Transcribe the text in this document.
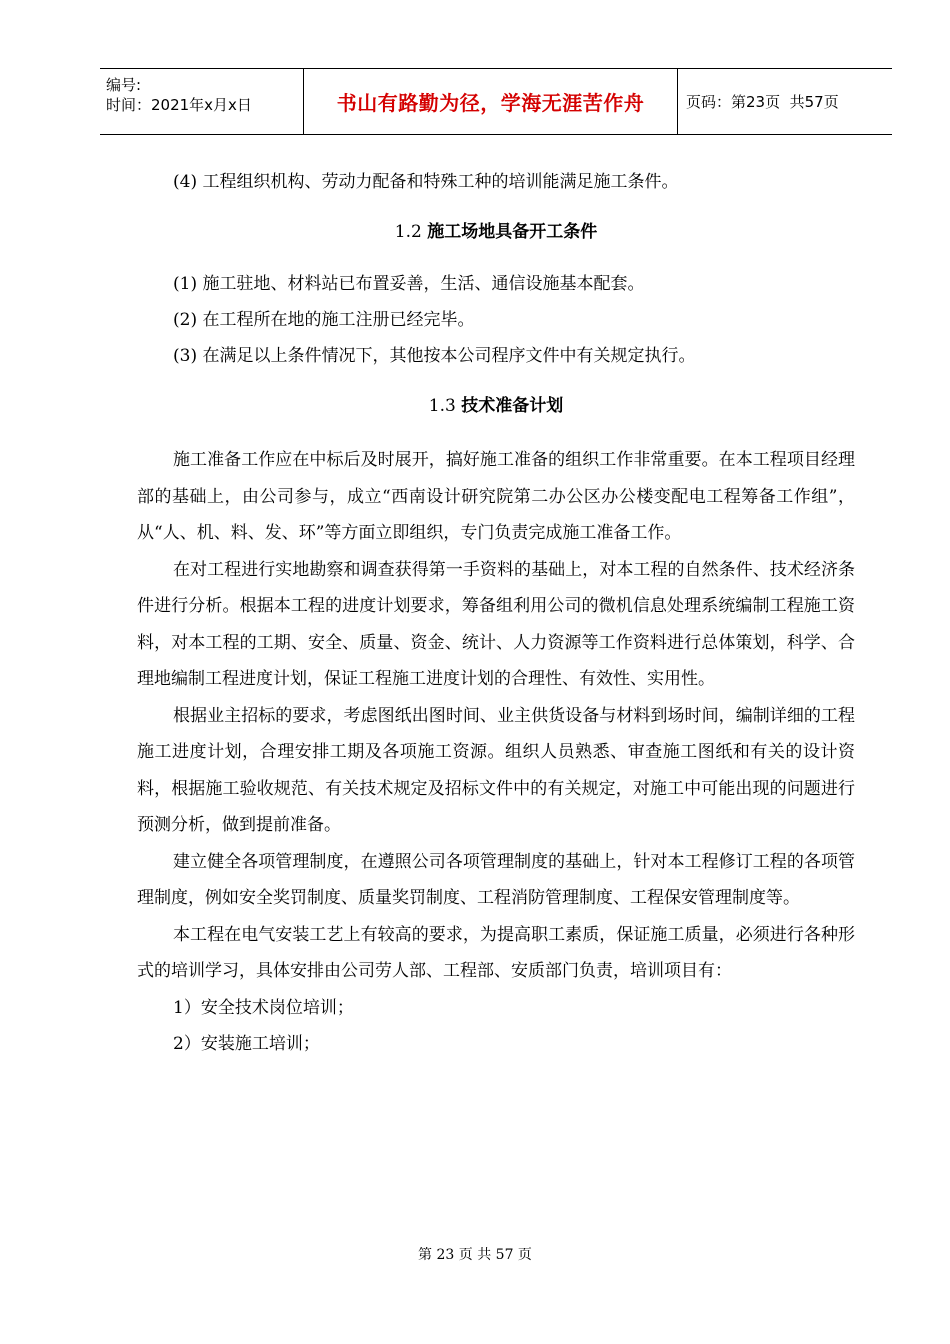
编号:
时间：2021年x月x日	书山有路勤为径，学海无涯苦作舟	页码：第23页  共57页

(4) 工程组织机构、劳动力配备和特殊工种的培训能满足施工条件。

1.2 施工场地具备开工条件

(1) 施工驻地、材料站已布置妥善，生活、通信设施基本配套。

(2) 在工程所在地的施工注册已经完毕。

(3) 在满足以上条件情况下，其他按本公司程序文件中有关规定执行。

1.3 技术准备计划

施工准备工作应在中标后及时展开，搞好施工准备的组织工作非常重要。在本工程项目经理部的基础上，由公司参与，成立“西南设计研究院第二办公区办公楼变配电工程筹备工作组”，从“人、机、料、发、环”等方面立即组织，专门负责完成施工准备工作。

在对工程进行实地勘察和调查获得第一手资料的基础上，对本工程的自然条件、技术经济条件进行分析。根据本工程的进度计划要求，筹备组利用公司的微机信息处理系统编制工程施工资料，对本工程的工期、安全、质量、资金、统计、人力资源等工作资料进行总体策划，科学、合理地编制工程进度计划，保证工程施工进度计划的合理性、有效性、实用性。

根据业主招标的要求，考虑图纸出图时间、业主供货设备与材料到场时间，编制详细的工程施工进度计划，合理安排工期及各项施工资源。组织人员熟悉、审查施工图纸和有关的设计资料，根据施工验收规范、有关技术规定及招标文件中的有关规定，对施工中可能出现的问题进行预测分析，做到提前准备。

建立健全各项管理制度，在遵照公司各项管理制度的基础上，针对本工程修订工程的各项管理制度，例如安全奖罚制度、质量奖罚制度、工程消防管理制度、工程保安管理制度等。

本工程在电气安装工艺上有较高的要求，为提高职工素质，保证施工质量，必须进行各种形式的培训学习，具体安排由公司劳人部、工程部、安质部门负责，培训项目有：

1）安全技术岗位培训；

2）安装施工培训；

第 23 页 共 57 页
